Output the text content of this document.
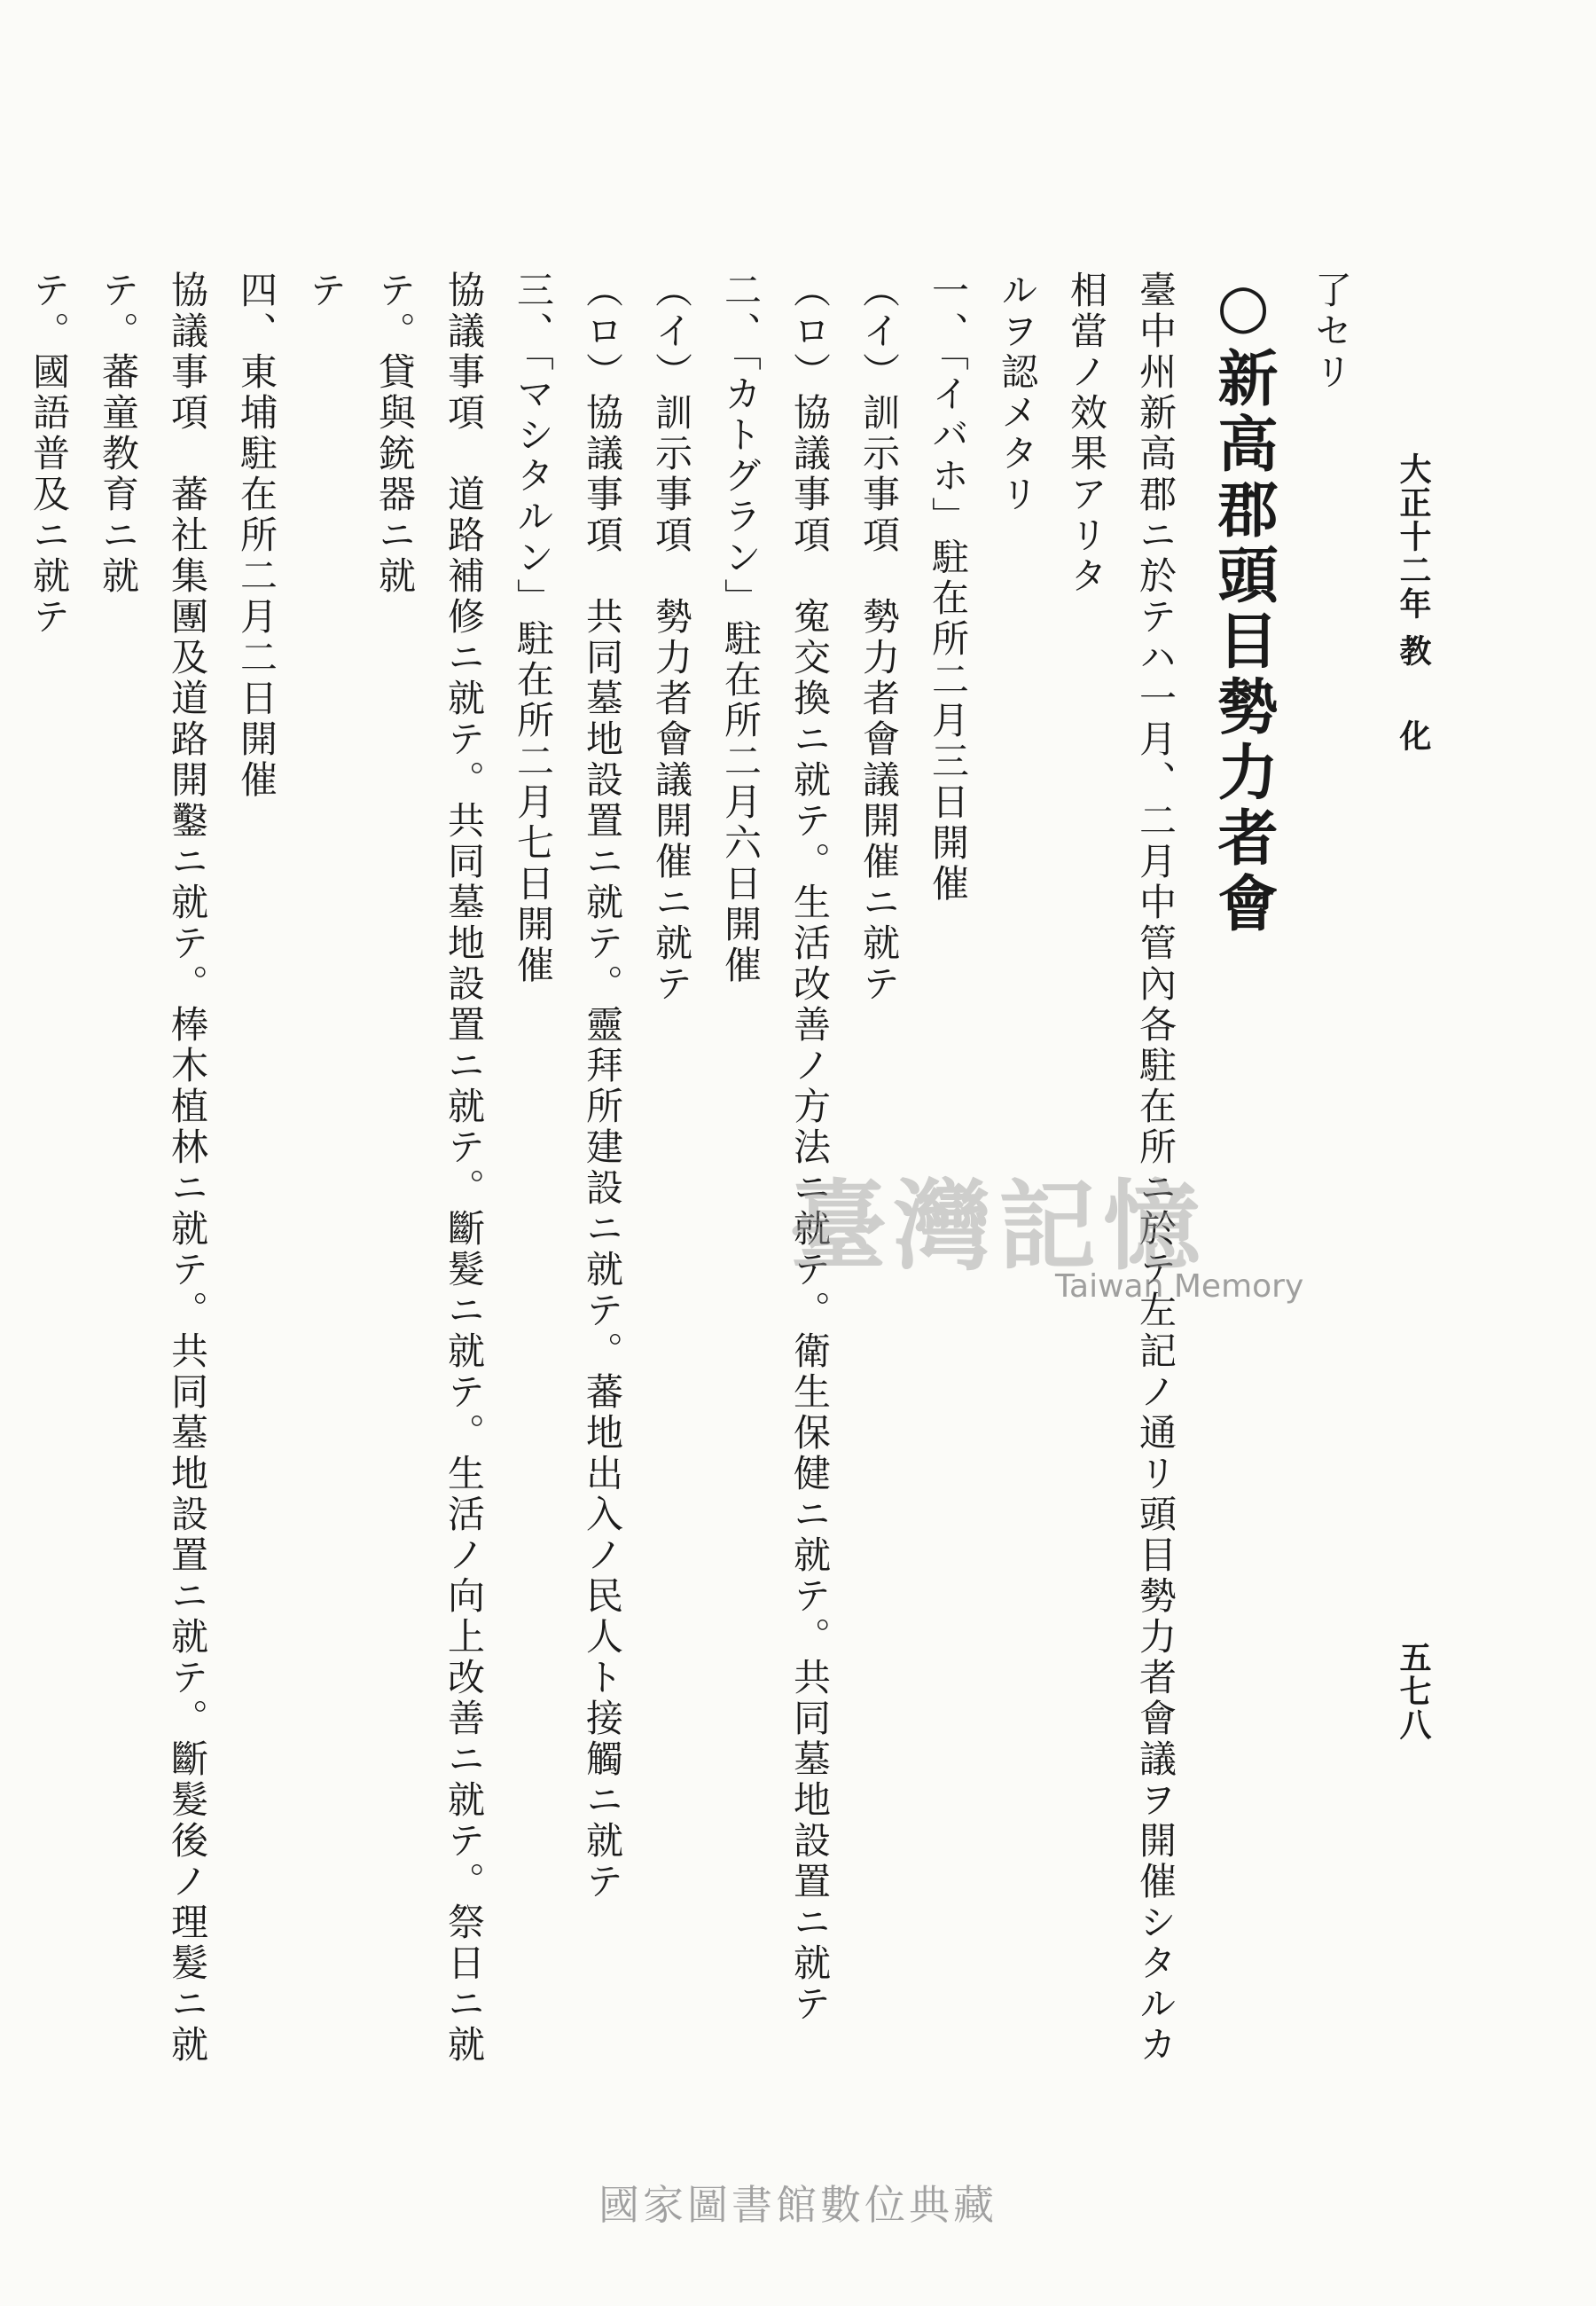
大正十二年
教化
五七八

了セリ

○新高郡頭目勢力者會

臺中州新高郡ニ於テハ一月、二月中管內各駐在所ニ於テ左記ノ通リ頭目勢力者會議ヲ開催シタルカ相當ノ效果アリタ

ルヲ認メタリ

一、「イバホ」駐在所二月三日開催

（イ）訓示事項　勢力者會議開催ニ就テ

（ロ）協議事項　寃交換ニ就テ。生活改善ノ方法ニ就テ。衛生保健ニ就テ。共同墓地設置ニ就テ

二、「カトグラン」駐在所二月六日開催

（イ）訓示事項　勢力者會議開催ニ就テ

（ロ）協議事項　共同墓地設置ニ就テ。靈拜所建設ニ就テ。蕃地出入ノ民人ト接觸ニ就テ

三、「マシタルン」駐在所二月七日開催

協議事項　道路補修ニ就テ。共同墓地設置ニ就テ。斷髮ニ就テ。生活ノ向上改善ニ就テ。祭日ニ就テ。貸與銃器ニ就

テ

四、東埔駐在所二月二日開催

協議事項　蕃社集團及道路開鑿ニ就テ。棒木植林ニ就テ。共同墓地設置ニ就テ。斷髮後ノ理髮ニ就テ。蕃童教育ニ就

テ。國語普及ニ就テ

臺灣記憶
Taiwan Memory
國家圖書館數位典藏
